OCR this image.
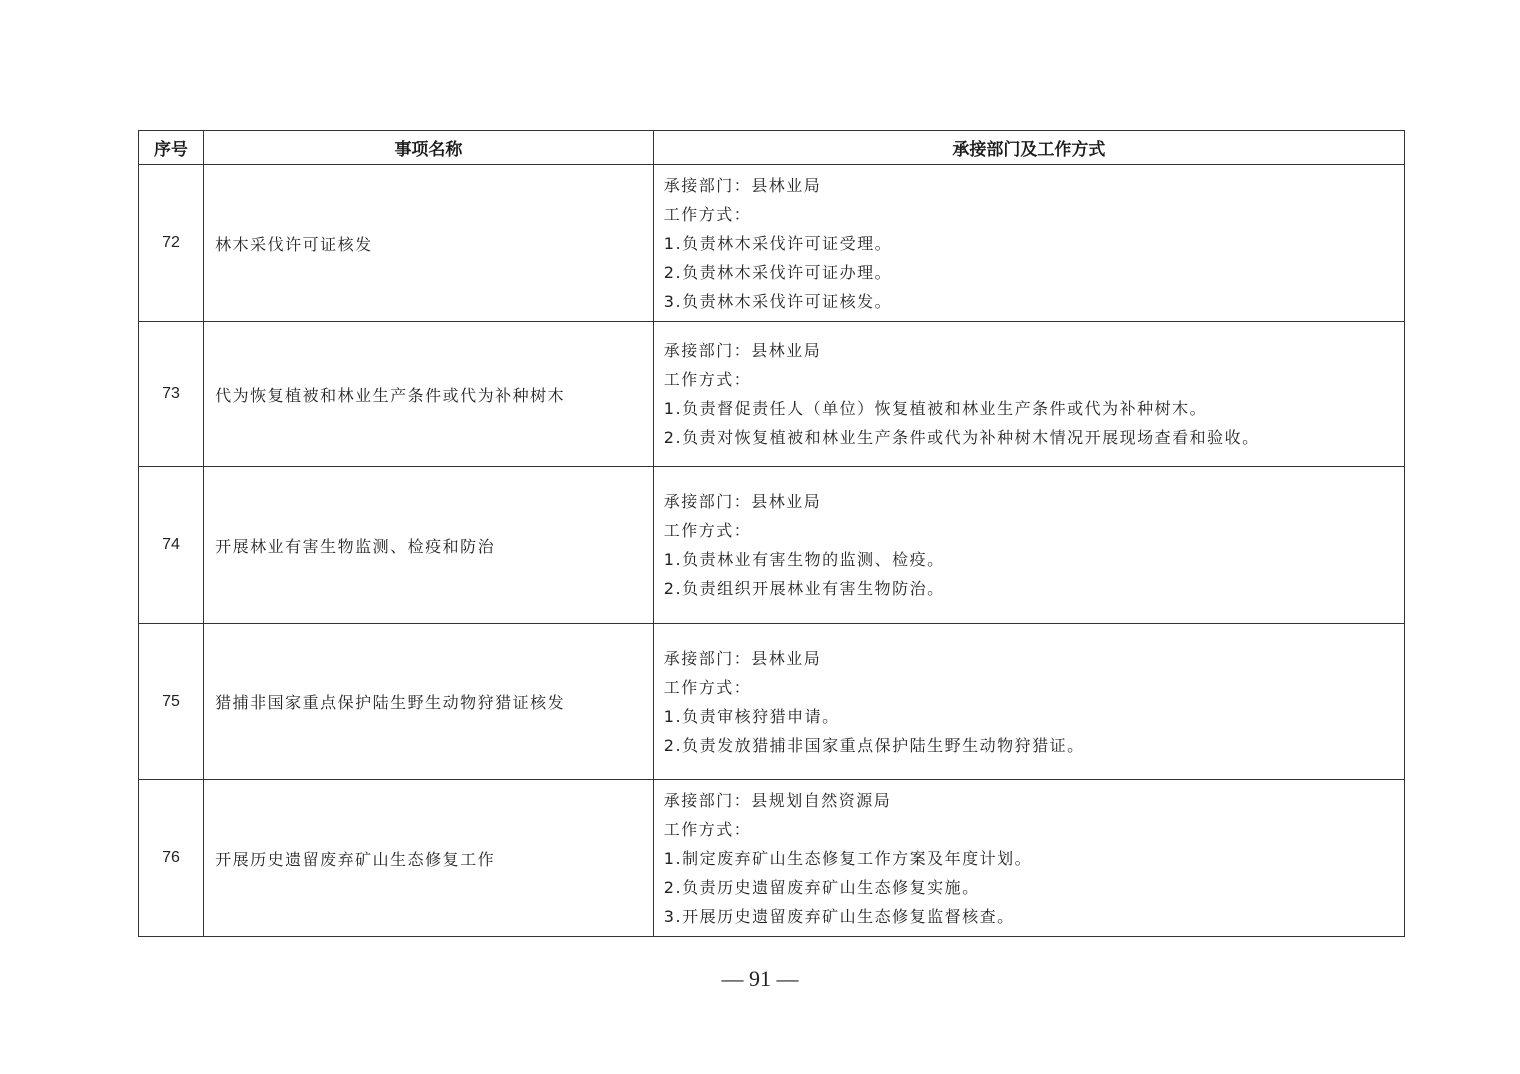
序号	事项名称	承接部门及工作方式
72	林木采伐许可证核发	承接部门：县林业局
工作方式：
1.负责林木采伐许可证受理。
2.负责林木采伐许可证办理。
3.负责林木采伐许可证核发。

73	代为恢复植被和林业生产条件或代为补种树木	承接部门：县林业局
工作方式：
1.负责督促责任人（单位）恢复植被和林业生产条件或代为补种树木。
2.负责对恢复植被和林业生产条件或代为补种树木情况开展现场查看和验收。

74	开展林业有害生物监测、检疫和防治	承接部门：县林业局
工作方式：
1.负责林业有害生物的监测、检疫。
2.负责组织开展林业有害生物防治。

75	猎捕非国家重点保护陆生野生动物狩猎证核发	承接部门：县林业局
工作方式：
1.负责审核狩猎申请。
2.负责发放猎捕非国家重点保护陆生野生动物狩猎证。

76	开展历史遗留废弃矿山生态修复工作	承接部门：县规划自然资源局
工作方式：
1.制定废弃矿山生态修复工作方案及年度计划。
2.负责历史遗留废弃矿山生态修复实施。
3.开展历史遗留废弃矿山生态修复监督核查。
— 91 —
